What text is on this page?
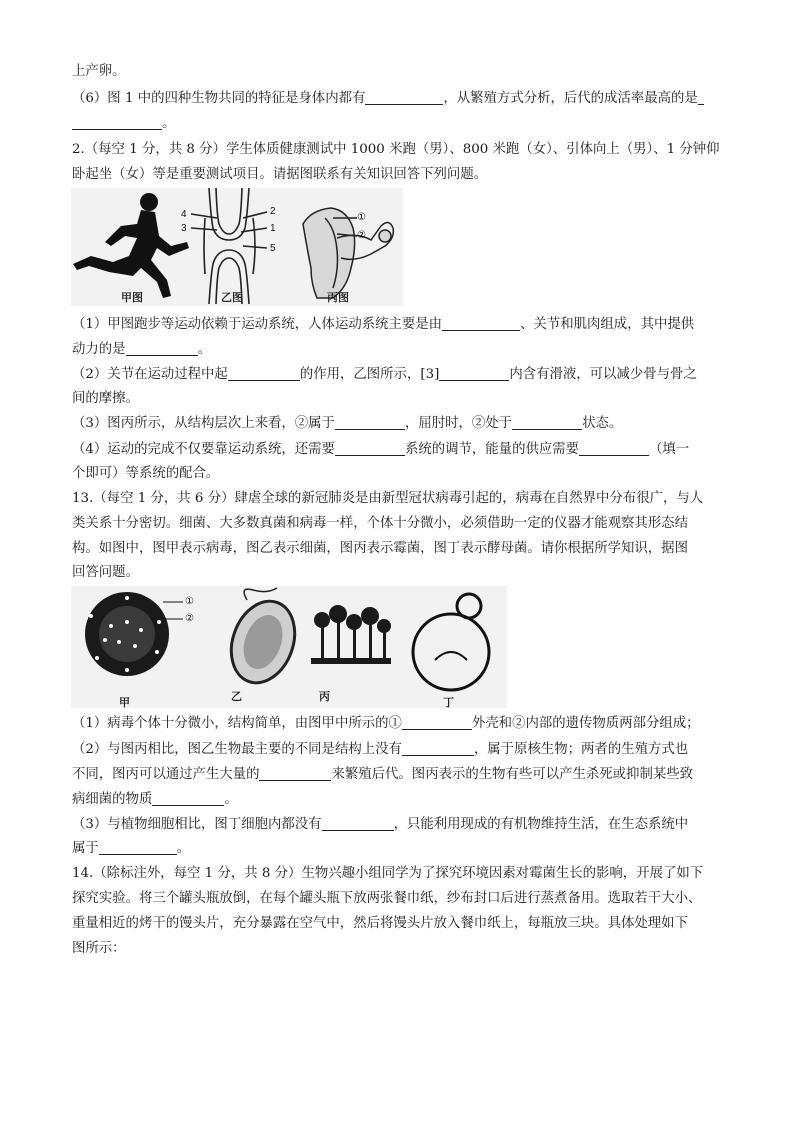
上产卵。
（6）图 1 中的四种生物共同的特征是身体内都有	，从繁殖方式分析，后代的成活率最高的是
。
2.（每空 1 分，共 8 分）学生体质健康测试中 1000 米跑（男）、800 米跑（女）、引体向上（男）、1 分钟仰
卧起坐（女）等是重要测试项目。请据图联系有关知识回答下列问题。
4
3
2
1
5
①
②
甲图	乙图	丙图
（1）甲图跑步等运动依赖于运动系统，人体运动系统主要是由	、关节和肌肉组成，其中提供
动力的是	。
（2）关节在运动过程中起	的作用，乙图所示，[3]	内含有滑液，可以减少骨与骨之
间的摩擦。
（3）图丙所示，从结构层次上来看，②属于	，屈肘时，②处于	状态。
（4）运动的完成不仅要靠运动系统，还需要	系统的调节，能量的供应需要	（填一
个即可）等系统的配合。
13.（每空 1 分，共 6 分）肆虐全球的新冠肺炎是由新型冠状病毒引起的，病毒在自然界中分布很广，与人
类关系十分密切。细菌、大多数真菌和病毒一样，个体十分微小，必须借助一定的仪器才能观察其形态结
构。如图中，图甲表示病毒，图乙表示细菌，图丙表示霉菌，图丁表示酵母菌。请你根据所学知识，据图
回答问题。
①
②
甲	乙	丙	丁
（1）病毒个体十分微小，结构简单，由图甲中所示的①	外壳和②内部的遗传物质两部分组成；
（2）与图丙相比，图乙生物最主要的不同是结构上没有	，属于原核生物；两者的生殖方式也
不同，图丙可以通过产生大量的	来繁殖后代。图丙表示的生物有些可以产生杀死或抑制某些致
病细菌的物质	。
（3）与植物细胞相比，图丁细胞内都没有	，只能利用现成的有机物维持生活，在生态系统中
属于	。
14.（除标注外，每空 1 分，共 8 分）生物兴趣小组同学为了探究环境因素对霉菌生长的影响，开展了如下
探究实验。将三个罐头瓶放倒，在每个罐头瓶下放两张餐巾纸，纱布封口后进行蒸煮备用。选取若干大小、
重量相近的烤干的馒头片，充分暴露在空气中，然后将馒头片放入餐巾纸上，每瓶放三块。具体处理如下
图所示：
